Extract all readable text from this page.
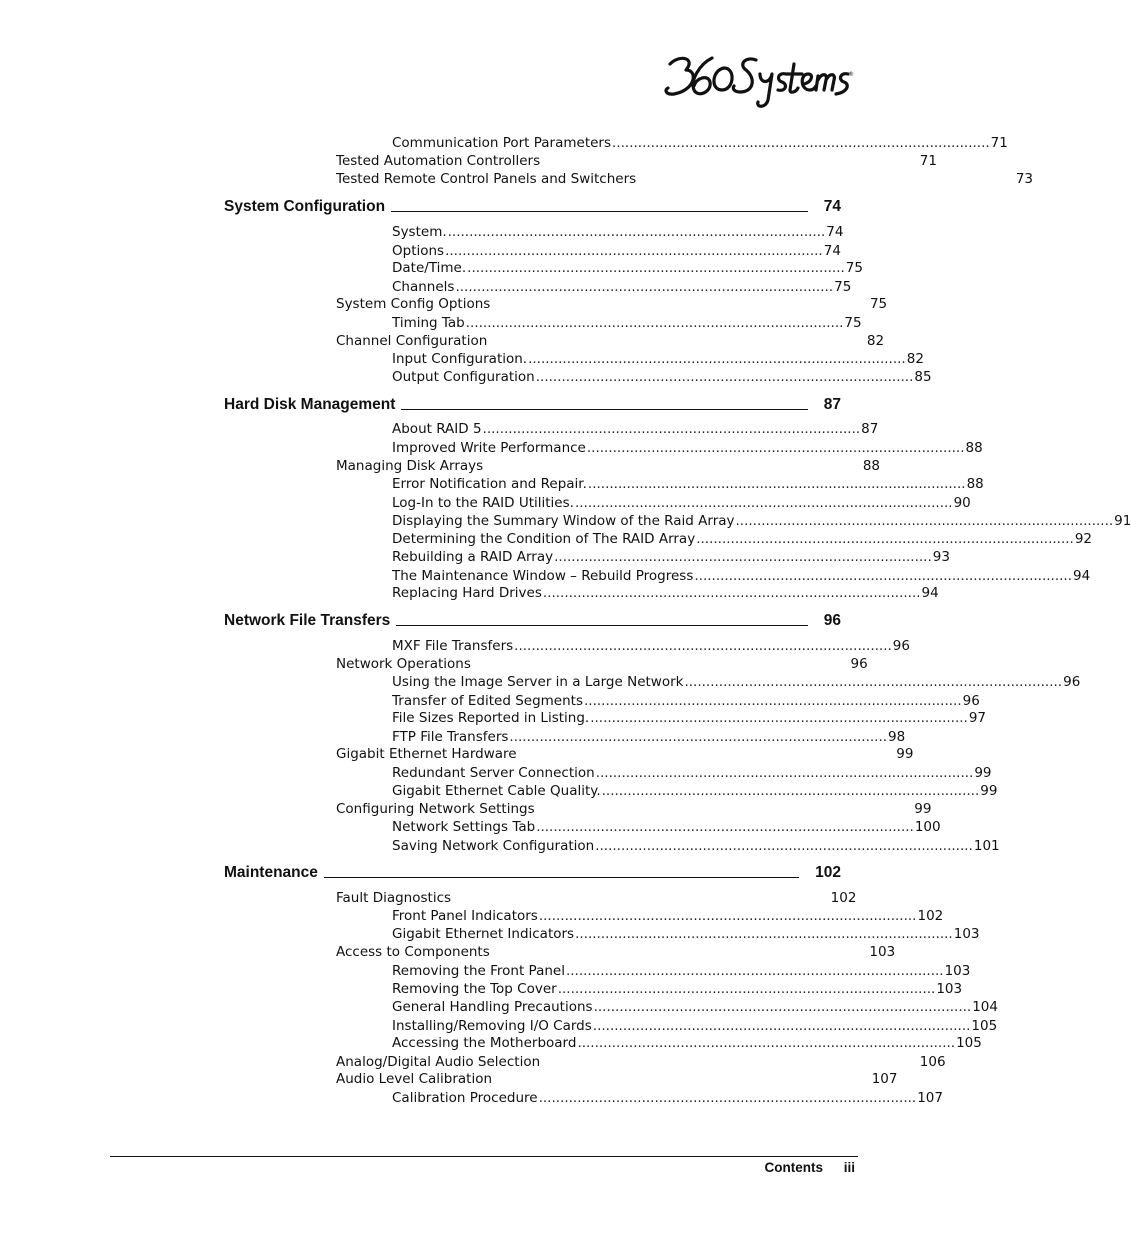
®
Communication Port Parameters ........................................................................................ 71
Tested Automation Controllers	71
Tested Remote Control Panels and Switchers	73
System Configuration	74
System. ........................................................................................ 74
Options ........................................................................................ 74
Date/Time. ........................................................................................ 75
Channels ........................................................................................ 75
System Config Options	75
Timing Tab ........................................................................................ 75
Channel Configuration	82
Input Configuration. ........................................................................................ 82
Output Configuration ........................................................................................ 85
Hard Disk Management	87
About RAID 5 ........................................................................................ 87
Improved Write Performance ........................................................................................ 88
Managing Disk Arrays	88
Error Notification and Repair. ........................................................................................ 88
Log-In to the RAID Utilities. ........................................................................................ 90
Displaying the Summary Window of the Raid Array ........................................................................................ 91
Determining the Condition of The RAID Array ........................................................................................ 92
Rebuilding a RAID Array ........................................................................................ 93
The Maintenance Window – Rebuild Progress ........................................................................................ 94
Replacing Hard Drives ........................................................................................ 94
Network File Transfers	96
MXF File Transfers ........................................................................................ 96
Network Operations	96
Using the Image Server in a Large Network ........................................................................................ 96
Transfer of Edited Segments ........................................................................................ 96
File Sizes Reported in Listing. ........................................................................................ 97
FTP File Transfers ........................................................................................ 98
Gigabit Ethernet Hardware	99
Redundant Server Connection ........................................................................................ 99
Gigabit Ethernet Cable Quality. ........................................................................................ 99
Configuring Network Settings	99
Network Settings Tab ........................................................................................ 100
Saving Network Configuration ........................................................................................ 101
Maintenance	102
Fault Diagnostics	102
Front Panel Indicators ........................................................................................ 102
Gigabit Ethernet Indicators ........................................................................................ 103
Access to Components	103
Removing the Front Panel ........................................................................................ 103
Removing the Top Cover ........................................................................................ 103
General Handling Precautions ........................................................................................ 104
Installing/Removing I/O Cards ........................................................................................ 105
Accessing the Motherboard ........................................................................................ 105
Analog/Digital Audio Selection	106
Audio Level Calibration	107
Calibration Procedure ........................................................................................ 107
Contents iii
